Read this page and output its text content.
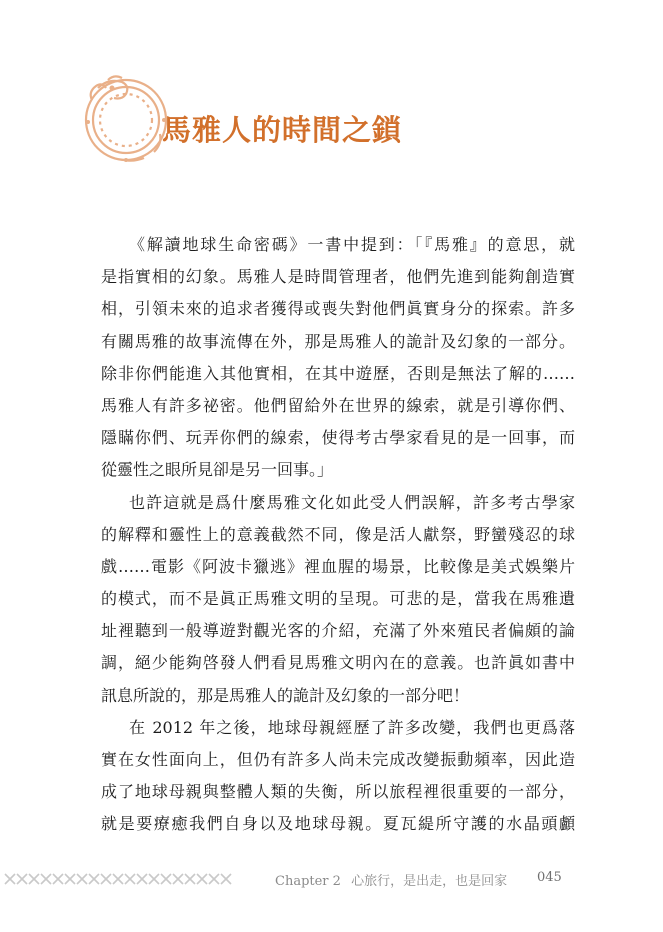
馬雅人的時間之鎖
《解讀地球生命密碼》一書中提到：「『馬雅』的意思，就
是指實相的幻象。馬雅人是時間管理者，他們先進到能夠創造實
相，引領未來的追求者獲得或喪失對他們眞實身分的探索。許多
有關馬雅的故事流傳在外，那是馬雅人的詭計及幻象的一部分。
除非你們能進入其他實相，在其中遊歷，否則是無法了解的……
馬雅人有許多祕密。他們留給外在世界的線索，就是引導你們、
隱瞞你們、玩弄你們的線索，使得考古學家看見的是一回事，而
從靈性之眼所見卻是另一回事。」
也許這就是爲什麼馬雅文化如此受人們誤解，許多考古學家
的解釋和靈性上的意義截然不同，像是活人獻祭，野蠻殘忍的球
戲……電影《阿波卡獵逃》裡血腥的場景，比較像是美式娛樂片
的模式，而不是眞正馬雅文明的呈現。可悲的是，當我在馬雅遺
址裡聽到一般導遊對觀光客的介紹，充滿了外來殖民者偏頗的論
調，絕少能夠啓發人們看見馬雅文明內在的意義。也許眞如書中
訊息所說的，那是馬雅人的詭計及幻象的一部分吧！
在 2012 年之後，地球母親經歷了許多改變，我們也更爲落
實在女性面向上，但仍有許多人尚未完成改變振動頻率，因此造
成了地球母親與整體人類的失衡，所以旅程裡很重要的一部分，
就是要療癒我們自身以及地球母親。夏瓦緹所守護的水晶頭顱
Chapter 2 心旅行，是出走，也是回家	045
